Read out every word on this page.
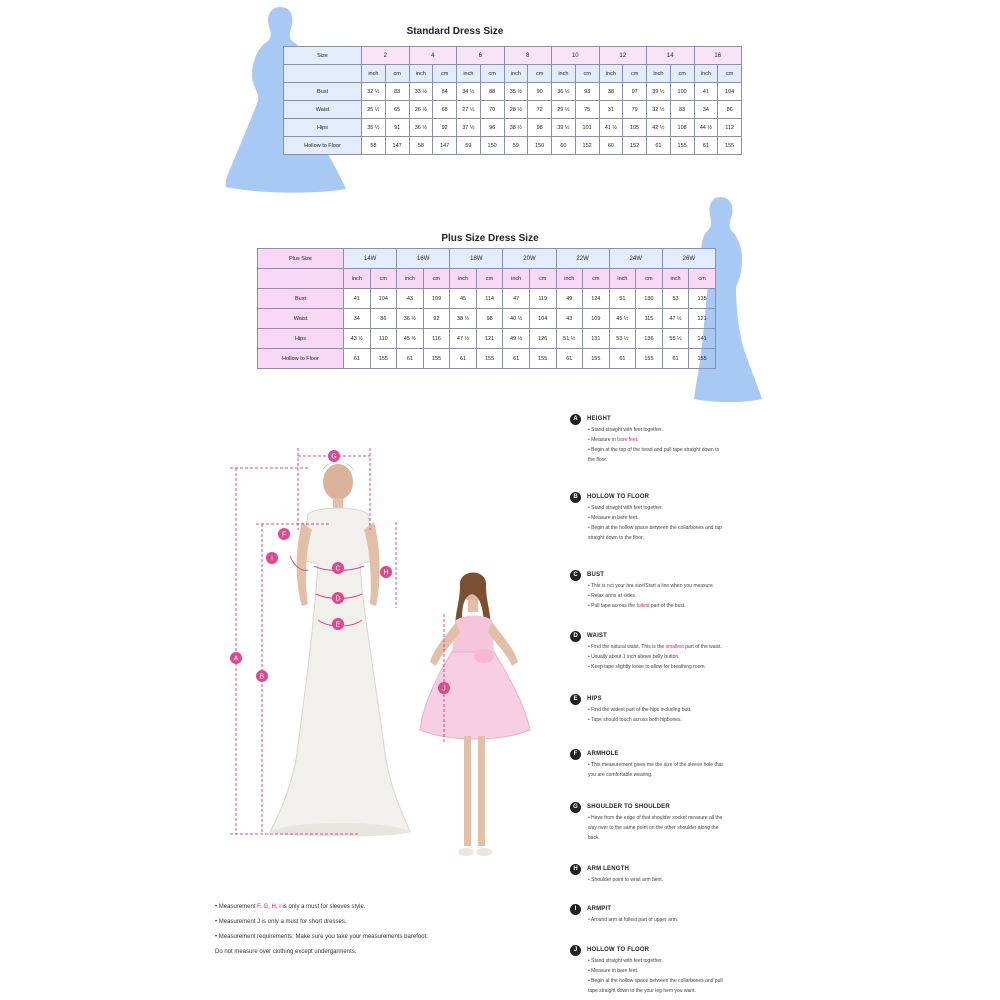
Standard Dress Size
Size	2		4		6		8		10		12		14		16	
	inch	cm	inch	cm	inch	cm	inch	cm	inch	cm	inch	cm	inch	cm	inch	cm
Bust	32 ½	83	33 ½	84	34 ½	88	35 ½	90	36 ½	93	38	97	39 ½	100	41	104
Waist	25 ½	65	26 ½	68	27 ½	70	28 ½	72	29 ½	75	31	79	32 ½	83	34	86
Hips	35 ½	91	36 ½	92	37 ½	96	38 ½	98	39 ½	101	41 ½	105	42 ½	108	44 ½	112
Hollow to Floor	58	147	58	147	59	150	59	150	60	152	60	152	61	155	61	155
Plus Size Dress Size
Plus Size	14W		16W		18W		20W		22W		24W		26W	
	inch	cm	inch	cm	inch	cm	inch	cm	inch	cm	inch	cm	inch	cm
Bust	41	104	43	109	45	114	47	119	49	124	51	130	53	135
Waist	34	86	36 ½	92	38 ½	98	40 ½	104	43	109	45 ½	115	47 ½	121
Hips	43 ½	110	45 ½	116	47 ½	121	49 ½	126	51 ½	131	53 ½	136	55 ½	141
Hollow to Floor	61	155	61	155	61	155	61	155	61	155	61	155	61	155
G
F
I
H
C
D
E
A
B
J
A	HEIGHT
• Stand straight with feet together.
• Measure in bare feet.
• Begin at the top of the head and pull tape straight down to
the floor.
B	HOLLOW TO FLOOR
• Stand straight with feet together.
• Measure in bare feet.
• Begin at the hollow space between the collarbones and tap
straight down to the floor.
C	BUST
• This is not your bra size!Start a line when you measure.
• Relax arms at sides.
• Pull tape across the fullest part of the bust.
D	WAIST
• Find the natural waist. This is the smallest part of the waist.
• Usually about 1 inch above belly button.
• Keep tape slightly loose to allow for breathing room.
E	HIPS
• Find the widest part of the hips including butt.
• Tape should touch across both hipbones.
F	ARMHOLE
• This measurement gives me the size of the sleeve hole that
you are comfortable wearing.
G	SHOULDER TO SHOULDER
• Have from the edge of that shoulder socket measure all the
way over to the same point on the other shoulder along the
back.
H	ARM LENGTH
• Shoulder point to wrist arm bent.
I	ARMPIT
• Around arm at fullest part of upper arm.
J	HOLLOW TO FLOOR
• Stand straight with feet together.
• Measure in bare feet.
• Begin at the hollow space between the collarbones and pull
tape straight down to the your leg hem you want.
• Measurement F, G, H, I is only a must for sleeves style.
• Measurement J is only a must for short dresses.
• Measurement requirements: Make sure you take your measurements barefoot.
Do not measure over clothing except undergarments.
